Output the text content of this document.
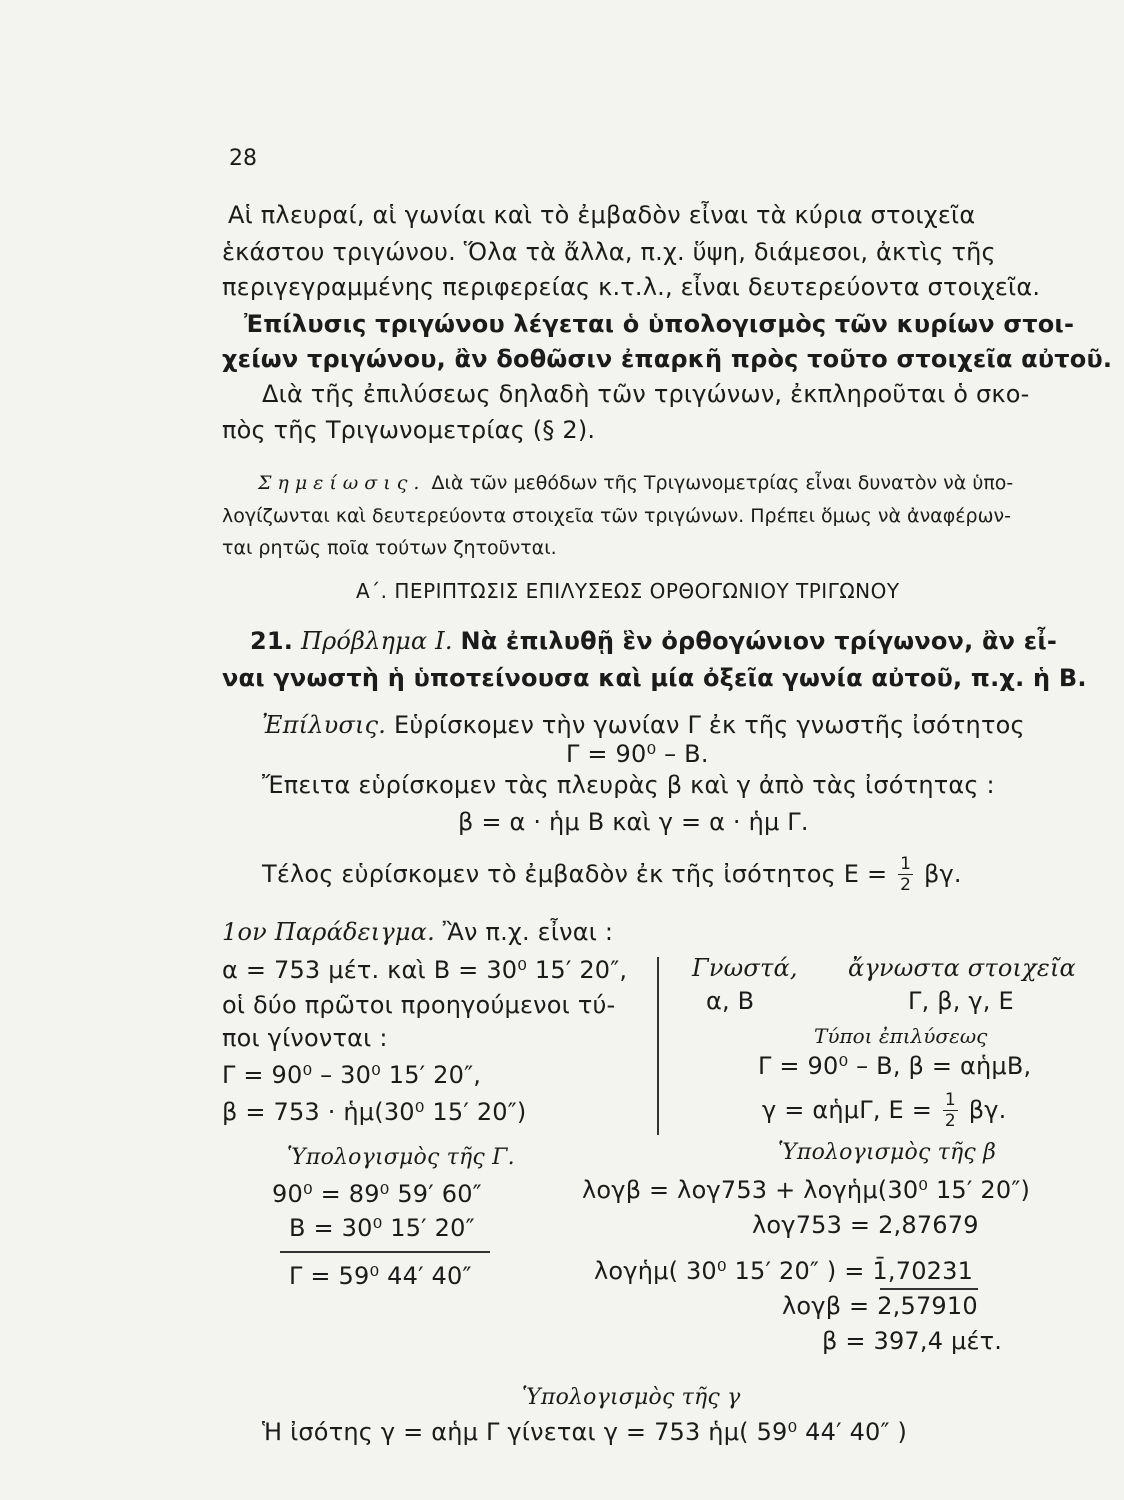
28
Αἱ πλευραί, αἱ γωνίαι καὶ τὸ ἐμβαδὸν εἶναι τὰ κύρια στοιχεῖα
ἑκάστου τριγώνου. Ὅλα τὰ ἄλλα, π.χ. ὕψη, διάμεσοι, ἀκτὶς τῆς
περιγεγραμμένης περιφερείας κ.τ.λ., εἶναι δευτερεύοντα στοιχεῖα.
Ἐπίλυσις τριγώνου λέγεται ὁ ὑπολογισμὸς τῶν κυρίων στοι-
χείων τριγώνου, ἂν δοθῶσιν ἐπαρκῆ πρὸς τοῦτο στοιχεῖα αὐτοῦ.
Διὰ τῆς ἐπιλύσεως δηλαδὴ τῶν τριγώνων, ἐκπληροῦται ὁ σκο-
πὸς τῆς Τριγωνομετρίας (§ 2).
Σημείωσις. Διὰ τῶν μεθόδων τῆς Τριγωνομετρίας εἶναι δυνατὸν νὰ ὑπο-
λογίζωνται καὶ δευτερεύοντα στοιχεῖα τῶν τριγώνων. Πρέπει ὅμως νὰ ἀναφέρων-
ται ρητῶς ποῖα τούτων ζητοῦνται.
Α΄. ΠΕΡΙΠΤΩΣΙΣ ΕΠΙΛΥΣΕΩΣ ΟΡΘΟΓΩΝΙΟΥ ΤΡΙΓΩΝΟΥ
21. Πρόβλημα Ι. Νὰ ἐπιλυθῇ ἓν ὀρθογώνιον τρίγωνον, ἂν εἶ-
ναι γνωστὴ ἡ ὑποτείνουσα καὶ μία ὀξεῖα γωνία αὐτοῦ, π.χ. ἡ Β.
Ἐπίλυσις. Εὑρίσκομεν τὴν γωνίαν Γ ἐκ τῆς γνωστῆς ἰσότητος
Γ = 90⁰ – Β.
Ἔπειτα εὑρίσκομεν τὰς πλευρὰς β καὶ γ ἀπὸ τὰς ἰσότητας :
β = α · ἡμ Β καὶ γ = α · ἡμ Γ.
Τέλος εὑρίσκομεν τὸ ἐμβαδὸν ἐκ τῆς ἰσότητος $E = \frac{1}{2} \beta\gamma$.
1ον Παράδειγμα. Ἂν π.χ. εἶναι :
α = 753 μέτ. καὶ Β = 30⁰ 15′ 20″,
οἱ δύο πρῶτοι προηγούμενοι τύ-
ποι γίνονται :
Γ = 90⁰ – 30⁰ 15′ 20″,
β = 753 · ἡμ(30⁰ 15′ 20″)
Γνωστά, ἄγνωστα στοιχεῖα
α, Β	Γ, β, γ, Ε
Τύποι ἐπιλύσεως
Γ = 90⁰ – Β, β = αἡμΒ,
γ = αἡμΓ, $E = \frac{1}{2} \beta\gamma$.
Ὑπολογισμὸς τῆς Γ.
90⁰ = 89⁰ 59′ 60″
Β = 30⁰ 15′ 20″
Γ = 59⁰ 44′ 40″
Ὑπολογισμὸς τῆς β
λογβ = λογ753 + λογἡμ(30⁰ 15′ 20″)
λογ753 = 2,87679
λογἡμ( 30⁰ 15′ 20″ ) = 1̄,70231
λογβ = 2,57910
β = 397,4 μέτ.
Ὑπολογισμὸς τῆς γ
Ἡ ἰσότης γ = αἡμ Γ γίνεται γ = 753 ἡμ( 59⁰ 44′ 40″ )
